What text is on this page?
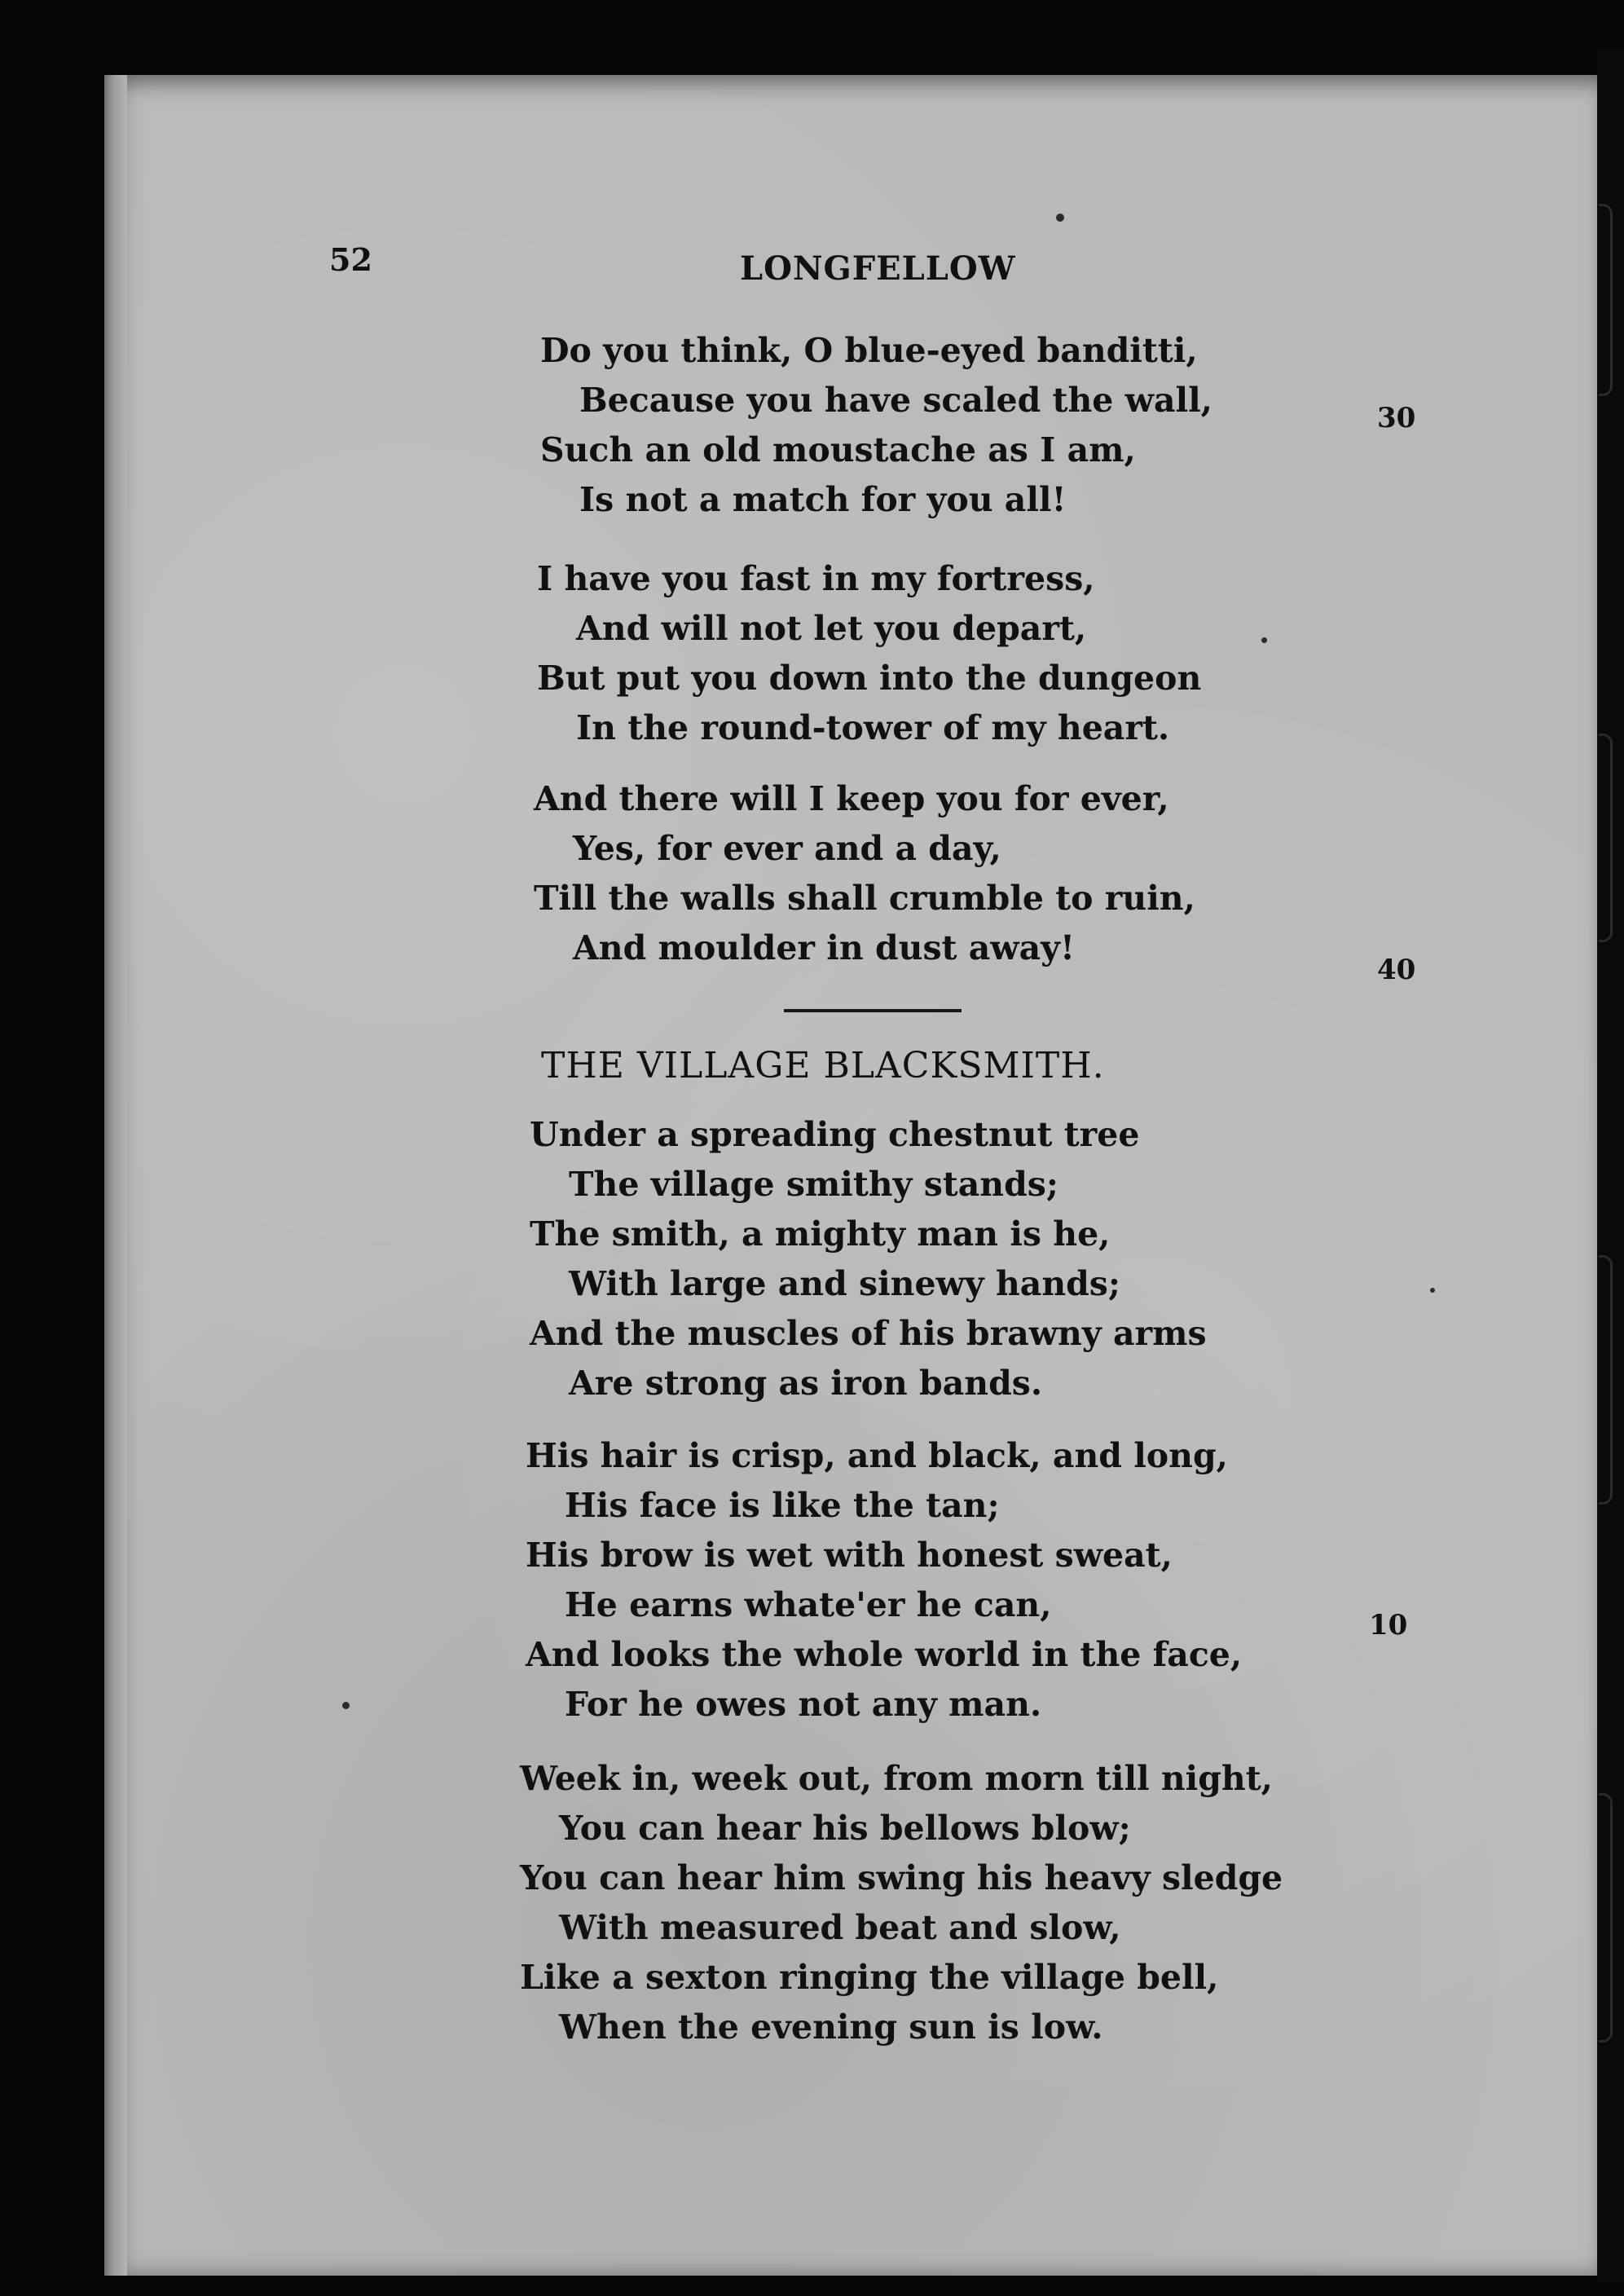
52	LONGFELLOW
Do you think, O blue-eyed banditti,
Because you have scaled the wall,
Such an old moustache as I am,
Is not a match for you all!
30
I have you fast in my fortress,
And will not let you depart,
But put you down into the dungeon
In the round-tower of my heart.
And there will I keep you for ever,
Yes, for ever and a day,
Till the walls shall crumble to ruin,
And moulder in dust away!
40
THE VILLAGE BLACKSMITH.
Under a spreading chestnut tree
The village smithy stands;
The smith, a mighty man is he,
With large and sinewy hands;
And the muscles of his brawny arms
Are strong as iron bands.
His hair is crisp, and black, and long,
His face is like the tan;
His brow is wet with honest sweat,
He earns whate'er he can,
And looks the whole world in the face,
For he owes not any man.
10
Week in, week out, from morn till night,
You can hear his bellows blow;
You can hear him swing his heavy sledge
With measured beat and slow,
Like a sexton ringing the village bell,
When the evening sun is low.
